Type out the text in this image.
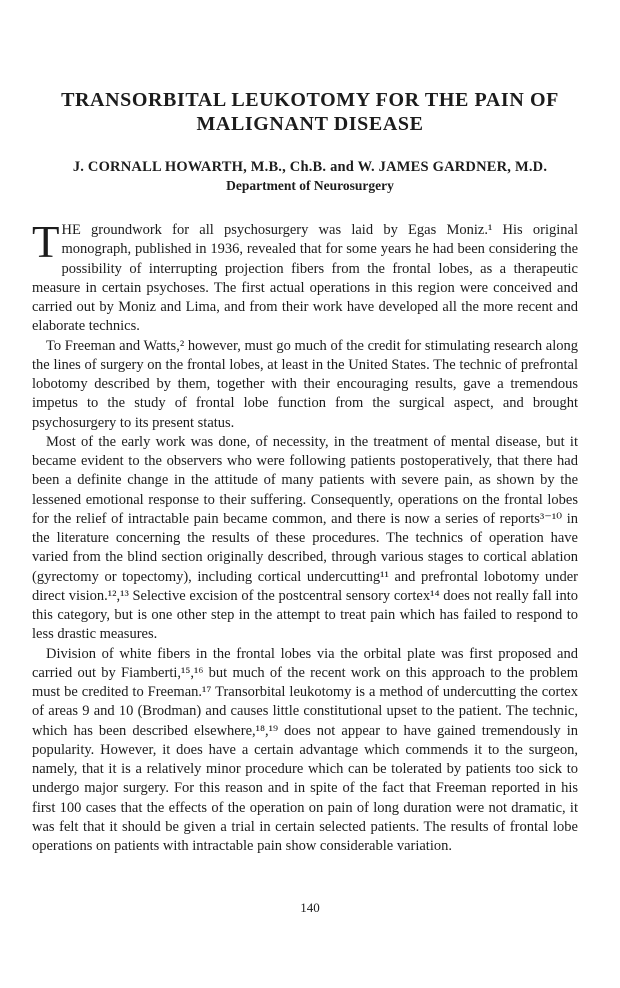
TRANSORBITAL LEUKOTOMY FOR THE PAIN OF MALIGNANT DISEASE

J. CORNALL HOWARTH, M.B., Ch.B. and W. JAMES GARDNER, M.D.

Department of Neurosurgery

THE groundwork for all psychosurgery was laid by Egas Moniz.¹ His original monograph, published in 1936, revealed that for some years he had been considering the possibility of interrupting projection fibers from the frontal lobes, as a therapeutic measure in certain psychoses. The first actual operations in this region were conceived and carried out by Moniz and Lima, and from their work have developed all the more recent and elaborate technics.

To Freeman and Watts,² however, must go much of the credit for stimulating research along the lines of surgery on the frontal lobes, at least in the United States. The technic of prefrontal lobotomy described by them, together with their encouraging results, gave a tremendous impetus to the study of frontal lobe function from the surgical aspect, and brought psychosurgery to its present status.

Most of the early work was done, of necessity, in the treatment of mental disease, but it became evident to the observers who were following patients postoperatively, that there had been a definite change in the attitude of many patients with severe pain, as shown by the lessened emotional response to their suffering. Consequently, operations on the frontal lobes for the relief of intractable pain became common, and there is now a series of reports³⁻¹⁰ in the literature concerning the results of these procedures. The technics of operation have varied from the blind section originally described, through various stages to cortical ablation (gyrectomy or topectomy), including cortical undercutting¹¹ and prefrontal lobotomy under direct vision.¹²,¹³ Selective excision of the postcentral sensory cortex¹⁴ does not really fall into this category, but is one other step in the attempt to treat pain which has failed to respond to less drastic measures.

Division of white fibers in the frontal lobes via the orbital plate was first proposed and carried out by Fiamberti,¹⁵,¹⁶ but much of the recent work on this approach to the problem must be credited to Freeman.¹⁷ Transorbital leukotomy is a method of undercutting the cortex of areas 9 and 10 (Brodman) and causes little constitutional upset to the patient. The technic, which has been described elsewhere,¹⁸,¹⁹ does not appear to have gained tremendously in popularity. However, it does have a certain advantage which commends it to the surgeon, namely, that it is a relatively minor procedure which can be tolerated by patients too sick to undergo major surgery. For this reason and in spite of the fact that Freeman reported in his first 100 cases that the effects of the operation on pain of long duration were not dramatic, it was felt that it should be given a trial in certain selected patients. The results of frontal lobe operations on patients with intractable pain show considerable variation.

140
